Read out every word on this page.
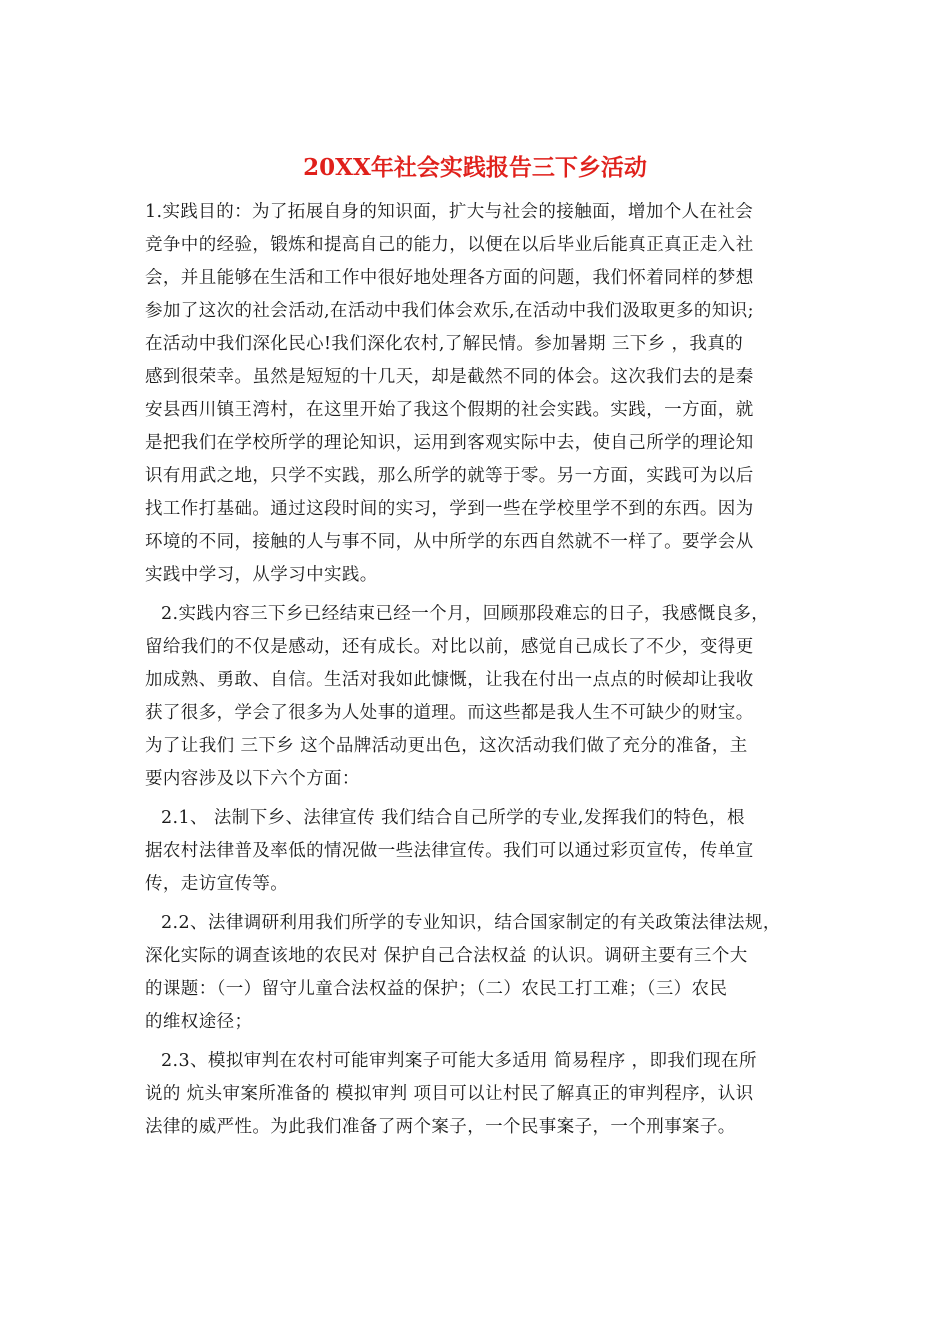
20XX年社会实践报告三下乡活动
1.实践目的：为了拓展自身的知识面，扩大与社会的接触面，增加个人在社会
竞争中的经验，锻炼和提高自己的能力，以便在以后毕业后能真正真正走入社
会，并且能够在生活和工作中很好地处理各方面的问题，我们怀着同样的梦想
参加了这次的社会活动,在活动中我们体会欢乐,在活动中我们汲取更多的知识;
在活动中我们深化民心!我们深化农村,了解民情。参加暑期 三下乡 ，我真的
感到很荣幸。虽然是短短的十几天，却是截然不同的体会。这次我们去的是秦
安县西川镇王湾村，在这里开始了我这个假期的社会实践。实践，一方面，就
是把我们在学校所学的理论知识，运用到客观实际中去，使自己所学的理论知
识有用武之地，只学不实践，那么所学的就等于零。另一方面，实践可为以后
找工作打基础。通过这段时间的实习，学到一些在学校里学不到的东西。因为
环境的不同，接触的人与事不同，从中所学的东西自然就不一样了。要学会从
实践中学习，从学习中实践。
2.实践内容三下乡已经结束已经一个月，回顾那段难忘的日子，我感慨良多，
留给我们的不仅是感动，还有成长。对比以前，感觉自己成长了不少，变得更
加成熟、勇敢、自信。生活对我如此慷慨，让我在付出一点点的时候却让我收
获了很多，学会了很多为人处事的道理。而这些都是我人生不可缺少的财宝。
为了让我们 三下乡 这个品牌活动更出色，这次活动我们做了充分的准备，主
要内容涉及以下六个方面：
2.1、 法制下乡、法律宣传 我们结合自己所学的专业,发挥我们的特色，根
据农村法律普及率低的情况做一些法律宣传。我们可以通过彩页宣传，传单宣
传，走访宣传等。
2.2、法律调研利用我们所学的专业知识，结合国家制定的有关政策法律法规，
深化实际的调查该地的农民对 保护自己合法权益 的认识。调研主要有三个大
的课题：（一）留守儿童合法权益的保护；（二）农民工打工难；（三）农民
的维权途径；
2.3、模拟审判在农村可能审判案子可能大多适用 简易程序 ，即我们现在所
说的 炕头审案所准备的 模拟审判 项目可以让村民了解真正的审判程序，认识
法律的威严性。为此我们准备了两个案子，一个民事案子，一个刑事案子。
